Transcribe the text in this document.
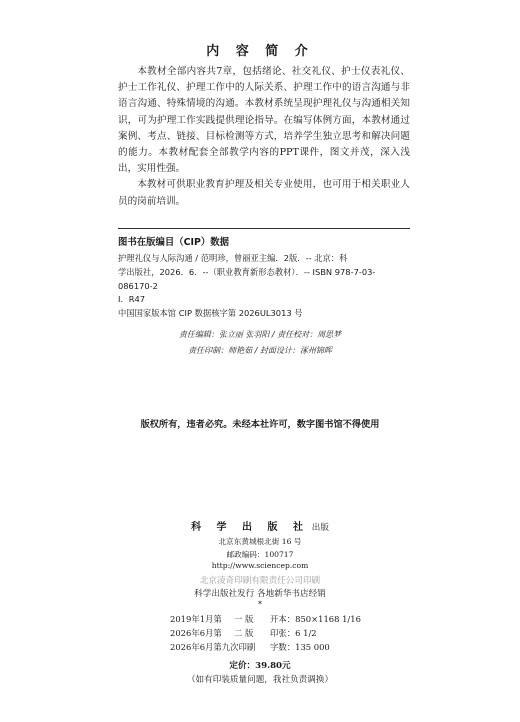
内 容 简 介

本教材全部内容共7章，包括绪论、社交礼仪、护士仪表礼仪、护士工作礼仪、护理工作中的人际关系、护理工作中的语言沟通与非语言沟通、特殊情境的沟通。本教材系统呈现护理礼仪与沟通相关知识，可为护理工作实践提供理论指导。在编写体例方面，本教材通过案例、考点、链接、目标检测等方式，培养学生独立思考和解决问题的能力。本教材配套全部教学内容的PPT课件，图文并茂，深入浅出，实用性强。

本教材可供职业教育护理及相关专业使用，也可用于相关职业人员的岗前培训。

图书在版编目（CIP）数据
护理礼仪与人际沟通 / 范明珍，曾丽亚主编．2版．-- 北京：科
学出版社，2026．6．--（职业教育新形态教材）．-- ISBN 978-7-03-
086170-2
Ⅰ．R47
中国国家版本馆 CIP 数据核字第 2026UL3013 号
责任编辑：张立丽 张羽阳 / 责任校对：周思梦
责任印制：师艳茹 / 封面设计：涿州锦晖
版权所有，违者必究。未经本社许可，数字图书馆不得使用
科 学 出 版 社 出版
北京东黄城根北街 16 号
邮政编码：100717
http://www.sciencep.com
北京凌奇印刷有限责任公司印刷
科学出版社发行 各地新华书店经销
*
2019年1月第	一 版	开本：850×1168 1/16
2026年6月第	二 版	印张：6 1/2
2026年6月第九次印刷	字数：135 000
定价：39.80元
（如有印装质量问题，我社负责调换）
